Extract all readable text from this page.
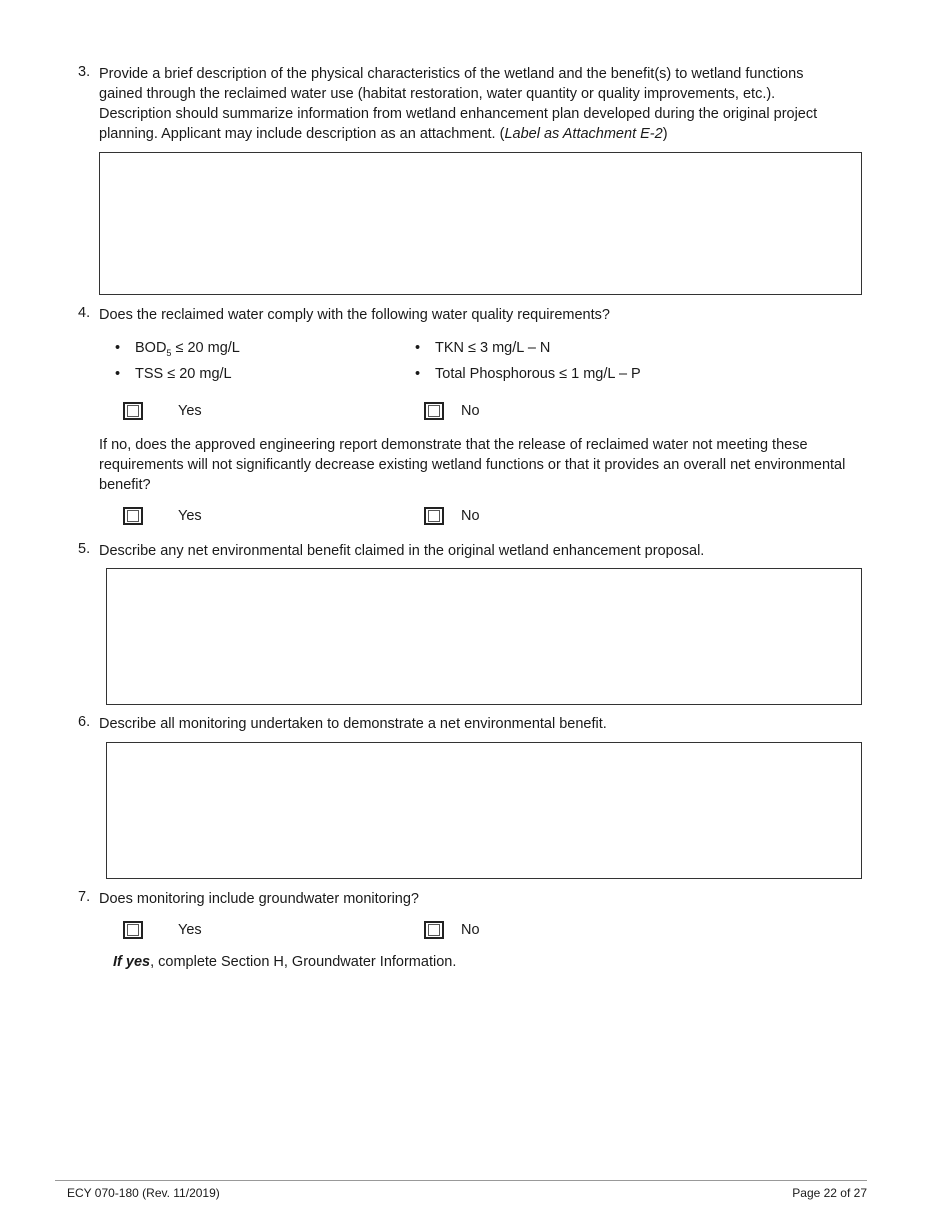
3. Provide a brief description of the physical characteristics of the wetland and the benefit(s) to wetland functions gained through the reclaimed water use (habitat restoration, water quantity or quality improvements, etc.). Description should summarize information from wetland enhancement plan developed during the original project planning. Applicant may include description as an attachment. (Label as Attachment E-2)
4. Does the reclaimed water comply with the following water quality requirements?
• $BOD_5 \le 20$ mg/L
• TSS ≤ 20 mg/L
• TKN ≤ 3 mg/L – N
• Total Phosphorous ≤ 1 mg/L – P
Yes	No
If no, does the approved engineering report demonstrate that the release of reclaimed water not meeting these requirements will not significantly decrease existing wetland functions or that it provides an overall net environmental benefit?
Yes	No
5. Describe any net environmental benefit claimed in the original wetland enhancement proposal.
6. Describe all monitoring undertaken to demonstrate a net environmental benefit.
7. Does monitoring include groundwater monitoring?
Yes	No
If yes, complete Section H, Groundwater Information.
ECY 070-180 (Rev. 11/2019)	Page 22 of 27
